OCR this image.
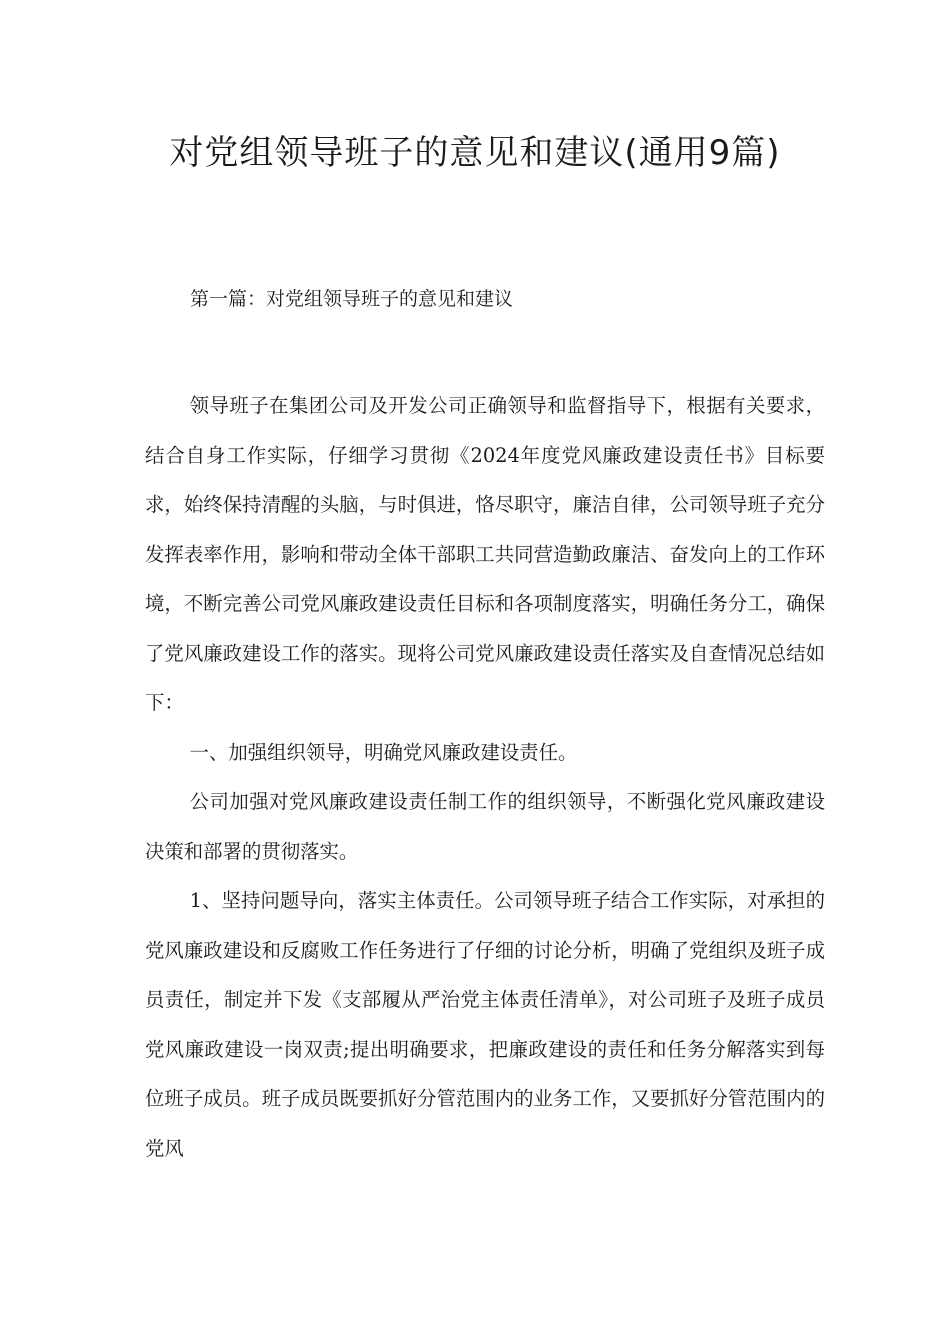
对党组领导班子的意见和建议(通用9篇)

第一篇：对党组领导班子的意见和建议

领导班子在集团公司及开发公司正确领导和监督指导下，根据有关要求，结合自身工作实际，仔细学习贯彻《2024年度党风廉政建设责任书》目标要求，始终保持清醒的头脑，与时俱进，恪尽职守，廉洁自律，公司领导班子充分发挥表率作用，影响和带动全体干部职工共同营造勤政廉洁、奋发向上的工作环境，不断完善公司党风廉政建设责任目标和各项制度落实，明确任务分工，确保了党风廉政建设工作的落实。现将公司党风廉政建设责任落实及自查情况总结如下：

一、加强组织领导，明确党风廉政建设责任。

公司加强对党风廉政建设责任制工作的组织领导，不断强化党风廉政建设决策和部署的贯彻落实。

1、坚持问题导向，落实主体责任。公司领导班子结合工作实际，对承担的党风廉政建设和反腐败工作任务进行了仔细的讨论分析，明确了党组织及班子成员责任，制定并下发《支部履从严治党主体责任清单》，对公司班子及班子成员党风廉政建设一岗双责;提出明确要求，把廉政建设的责任和任务分解落实到每位班子成员。班子成员既要抓好分管范围内的业务工作，又要抓好分管范围内的党风
